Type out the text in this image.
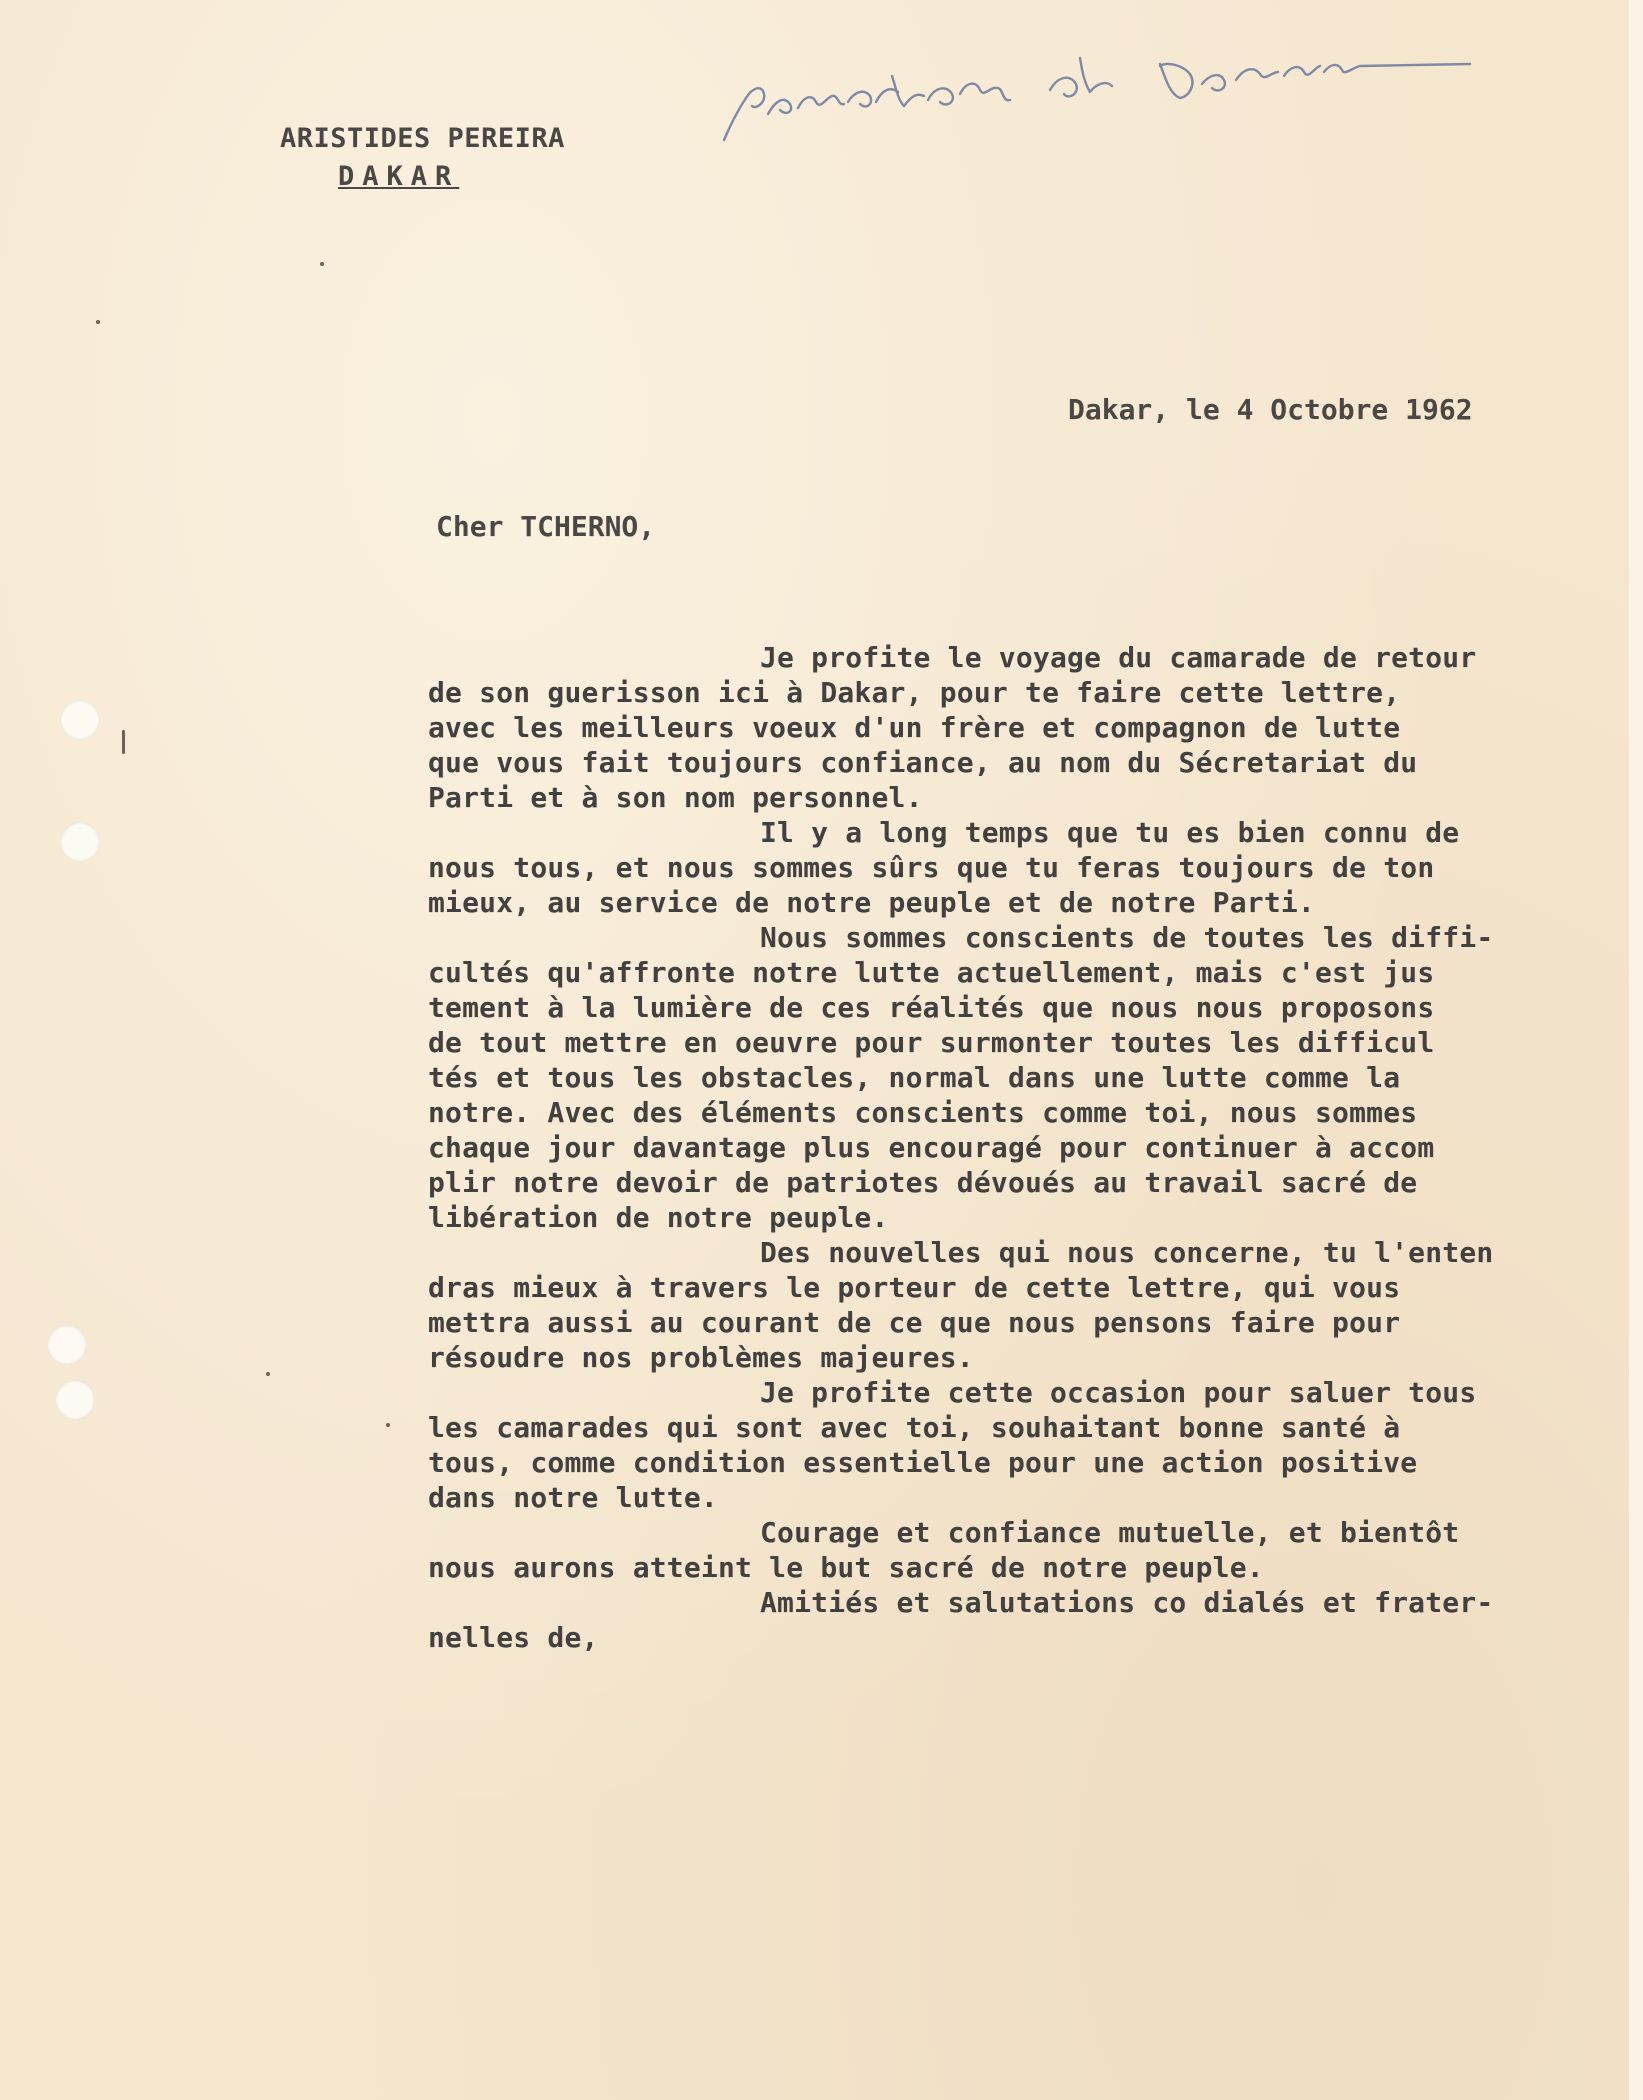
ARISTIDES PEREIRA
DAKAR
Dakar, le 4 Octobre 1962
Cher TCHERNO,
Je profite le voyage du camarade de retour
de son guerisson ici à Dakar, pour te faire cette lettre,
avec les meilleurs voeux d'un frère et compagnon de lutte
que vous fait toujours confiance, au nom du Sécretariat du
Parti et à son nom personnel.
Il y a long temps que tu es bien connu de
nous tous, et nous sommes sûrs que tu feras toujours de ton
mieux, au service de notre peuple et de notre Parti.
Nous sommes conscients de toutes les diffi-
cultés qu'affronte notre lutte actuellement, mais c'est jus
tement à la lumière de ces réalités que nous nous proposons
de tout mettre en oeuvre pour surmonter toutes les difficul
tés et tous les obstacles, normal dans une lutte comme la
notre. Avec des éléments conscients comme toi, nous sommes
chaque jour davantage plus encouragé pour continuer à accom
plir notre devoir de patriotes dévoués au travail sacré de
libération de notre peuple.
Des nouvelles qui nous concerne, tu l'enten
dras mieux à travers le porteur de cette lettre, qui vous
mettra aussi au courant de ce que nous pensons faire pour
résoudre nos problèmes majeures.
Je profite cette occasion pour saluer tous
les camarades qui sont avec toi, souhaitant bonne santé à
tous, comme condition essentielle pour une action positive
dans notre lutte.
Courage et confiance mutuelle, et bientôt
nous aurons atteint le but sacré de notre peuple.
Amitiés et salutations co dialés et frater-
nelles de,
